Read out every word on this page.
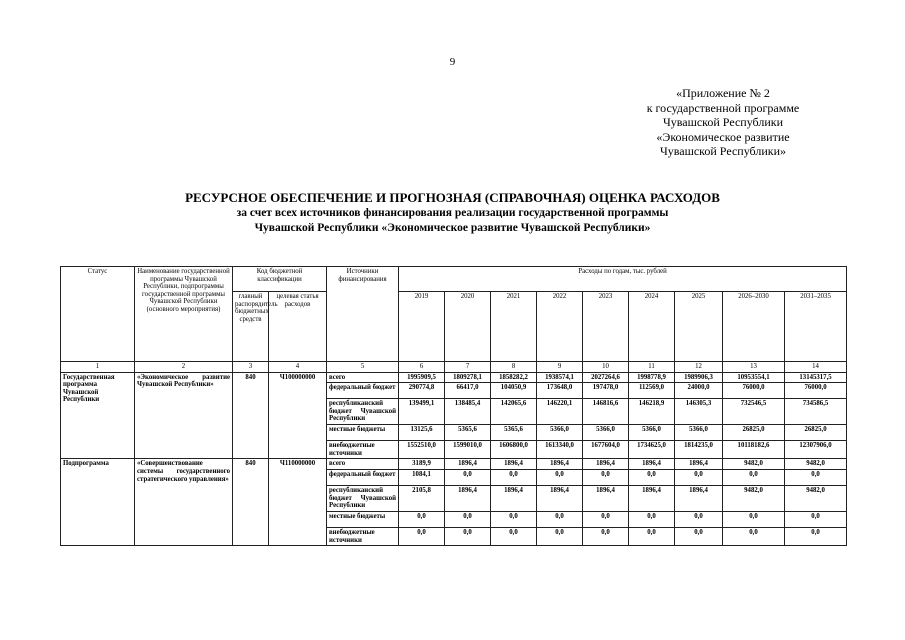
9
«Приложение № 2
к государственной программе
Чувашской Республики
«Экономическое развитие
Чувашской Республики»
РЕСУРСНОЕ ОБЕСПЕЧЕНИЕ И ПРОГНОЗНАЯ (СПРАВОЧНАЯ) ОЦЕНКА РАСХОДОВ
за счет всех источников финансирования реализации государственной программы
Чувашской Республики «Экономическое развитие Чувашской Республики»
Статус	Наименование государственной программы Чувашской Республики, подпрограммы государственной программы Чувашской Республики (основного мероприятия)	Код бюджетной классификации		Источники финансирования	Расходы по годам, тыс. рублей								
		главный распорядитель бюджетных средств	целевая статья расходов		2019	2020	2021	2022	2023	2024	2025	2026–2030	2031–2035
1	2	3	4	5	6	7	8	9	10	11	12	13	14
Государственная программа Чувашской Республики	«Экономическое развитие Чувашской Республики»	840	Ч100000000	всего	1995909,5	1809278,1	1858282,2	1938574,1	2027264,6	1998778,9	1989906,3	10953554,1	13145317,5
				федеральный бюджет	290774,8	66417,0	104050,9	173648,0	197478,0	112569,0	24000,0	76000,0	76000,0
				республиканский бюджет Чувашской Республики	139499,1	138485,4	142065,6	146220,1	146816,6	146218,9	146305,3	732546,5	734586,5
				местные бюджеты	13125,6	5365,6	5365,6	5366,0	5366,0	5366,0	5366,0	26825,0	26825,0
				внебюджетные источники	1552510,0	1599010,0	1606800,0	1613340,0	1677604,0	1734625,0	1814235,0	10118182,6	12307906,0
Подпрограмма	«Совершенствование системы государственного стратегического управления»	840	Ч110000000	всего	3189,9	1896,4	1896,4	1896,4	1896,4	1896,4	1896,4	9482,0	9482,0
				федеральный бюджет	1084,1	0,0	0,0	0,0	0,0	0,0	0,0	0,0	0,0
				республиканский бюджет Чувашской Республики	2105,8	1896,4	1896,4	1896,4	1896,4	1896,4	1896,4	9482,0	9482,0
				местные бюджеты	0,0	0,0	0,0	0,0	0,0	0,0	0,0	0,0	0,0
				внебюджетные источники	0,0	0,0	0,0	0,0	0,0	0,0	0,0	0,0	0,0
